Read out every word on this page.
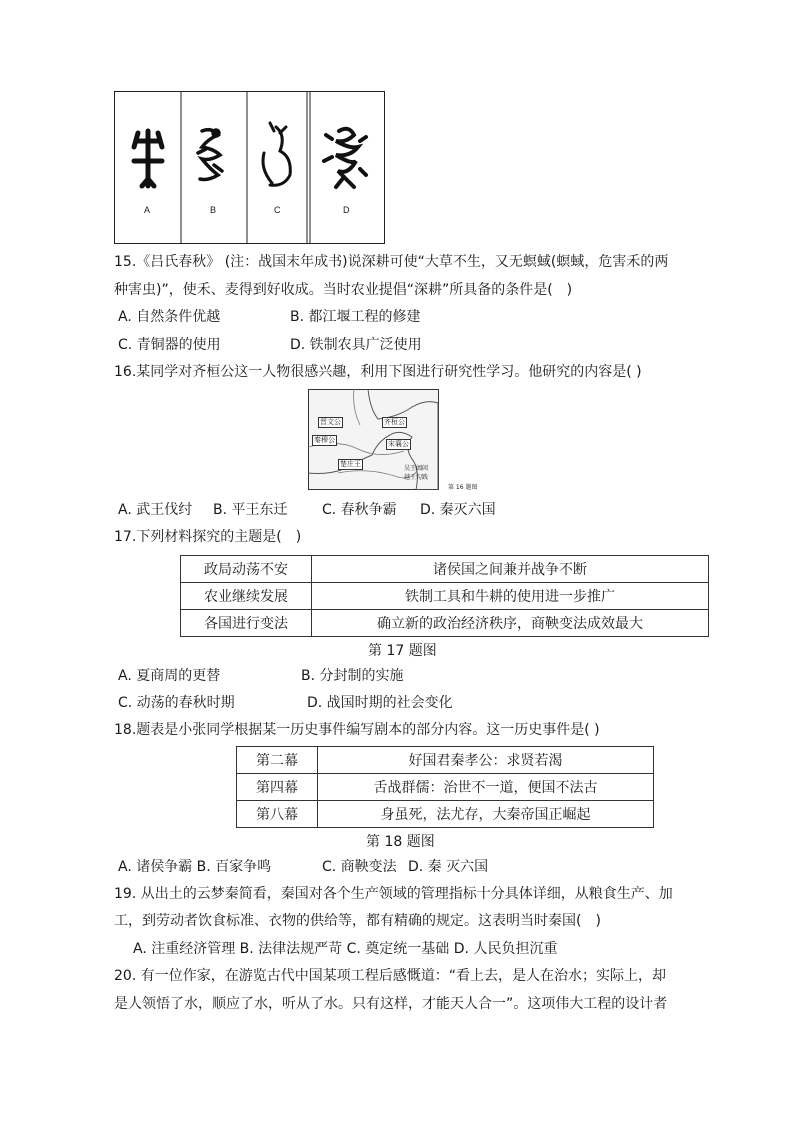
A	B	C	D
15.《吕氏春秋》 (注：战国末年成书)说深耕可使“大草不生，又无螟蜮(螟蜮，危害禾的两
种害虫)”，使禾、麦得到好收成。当时农业提倡“深耕”所具备的条件是(　)
A. 自然条件优越	B. 都江堰工程的修建
C. 青铜器的使用	D. 铁制农具广泛使用
16.某同学对齐桓公这一人物很感兴趣，利用下图进行研究性学习。他研究的内容是( )
晋文公	齐桓公
秦穆公	宋襄公
楚庄王
吴王阖闾
越王勾践
第 16 题图
A. 武王伐纣 B. 平王东迁 C. 春秋争霸 D. 秦灭六国
17.下列材料探究的主题是(　)
政局动荡不安	诸侯国之间兼并战争不断
农业继续发展	铁制工具和牛耕的使用进一步推广
各国进行变法	确立新的政治经济秩序，商鞅变法成效最大
第 17 题图
A. 夏商周的更替	B. 分封制的实施
C. 动荡的春秋时期	D. 战国时期的社会变化
18.题表是小张同学根据某一历史事件编写剧本的部分内容。这一历史事件是( )
第二幕	好国君秦孝公：求贤若渴
第四幕	舌战群儒：治世不一道，便国不法古
第八幕	身虽死，法尤存，大秦帝国正崛起
第 18 题图
A. 诸侯争霸 B. 百家争鸣	C. 商鞅变法 D. 秦 灭六国
19. 从出土的云梦秦简看，秦国对各个生产领域的管理指标十分具体详细，从粮食生产、加
工，到劳动者饮食标准、衣物的供给等，都有精确的规定。这表明当时秦国(　)
A. 注重经济管理 B. 法律法规严苛 C. 奠定统一基础 D. 人民负担沉重
20. 有一位作家，在游览古代中国某项工程后感慨道：“看上去，是人在治水；实际上，却
是人领悟了水，顺应了水，听从了水。只有这样，才能天人合一”。这项伟大工程的设计者
